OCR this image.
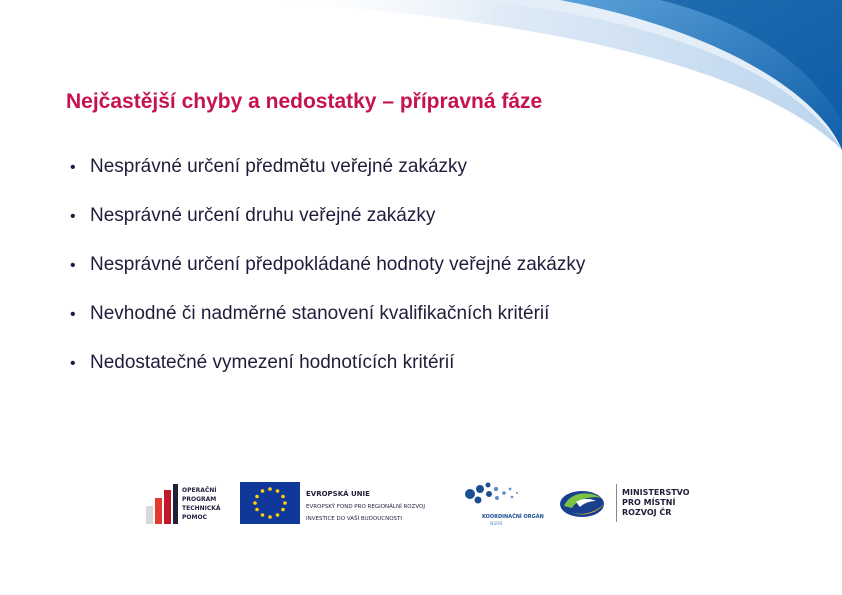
Nejčastější chyby a nedostatky – přípravná fáze
• Nesprávné určení předmětu veřejné zakázky
• Nesprávné určení druhu veřejné zakázky
• Nesprávné určení předpokládané hodnoty veřejné zakázky
• Nevhodné či nadměrné stanovení kvalifikačních kritérií
• Nedostatečné vymezení hodnotících kritérií
OPERAČNÍ
PROGRAM
TECHNICKÁ
POMOC
EVROPSKÁ UNIE
EVROPSKÝ FOND PRO REGIONÁLNÍ ROZVOJ
INVESTICE DO VAŠÍ BUDOUCNOSTI	KOORDINAČNÍ ORGÁN
NSRR
MINISTERSTVO
PRO MÍSTNÍ
ROZVOJ ČR
